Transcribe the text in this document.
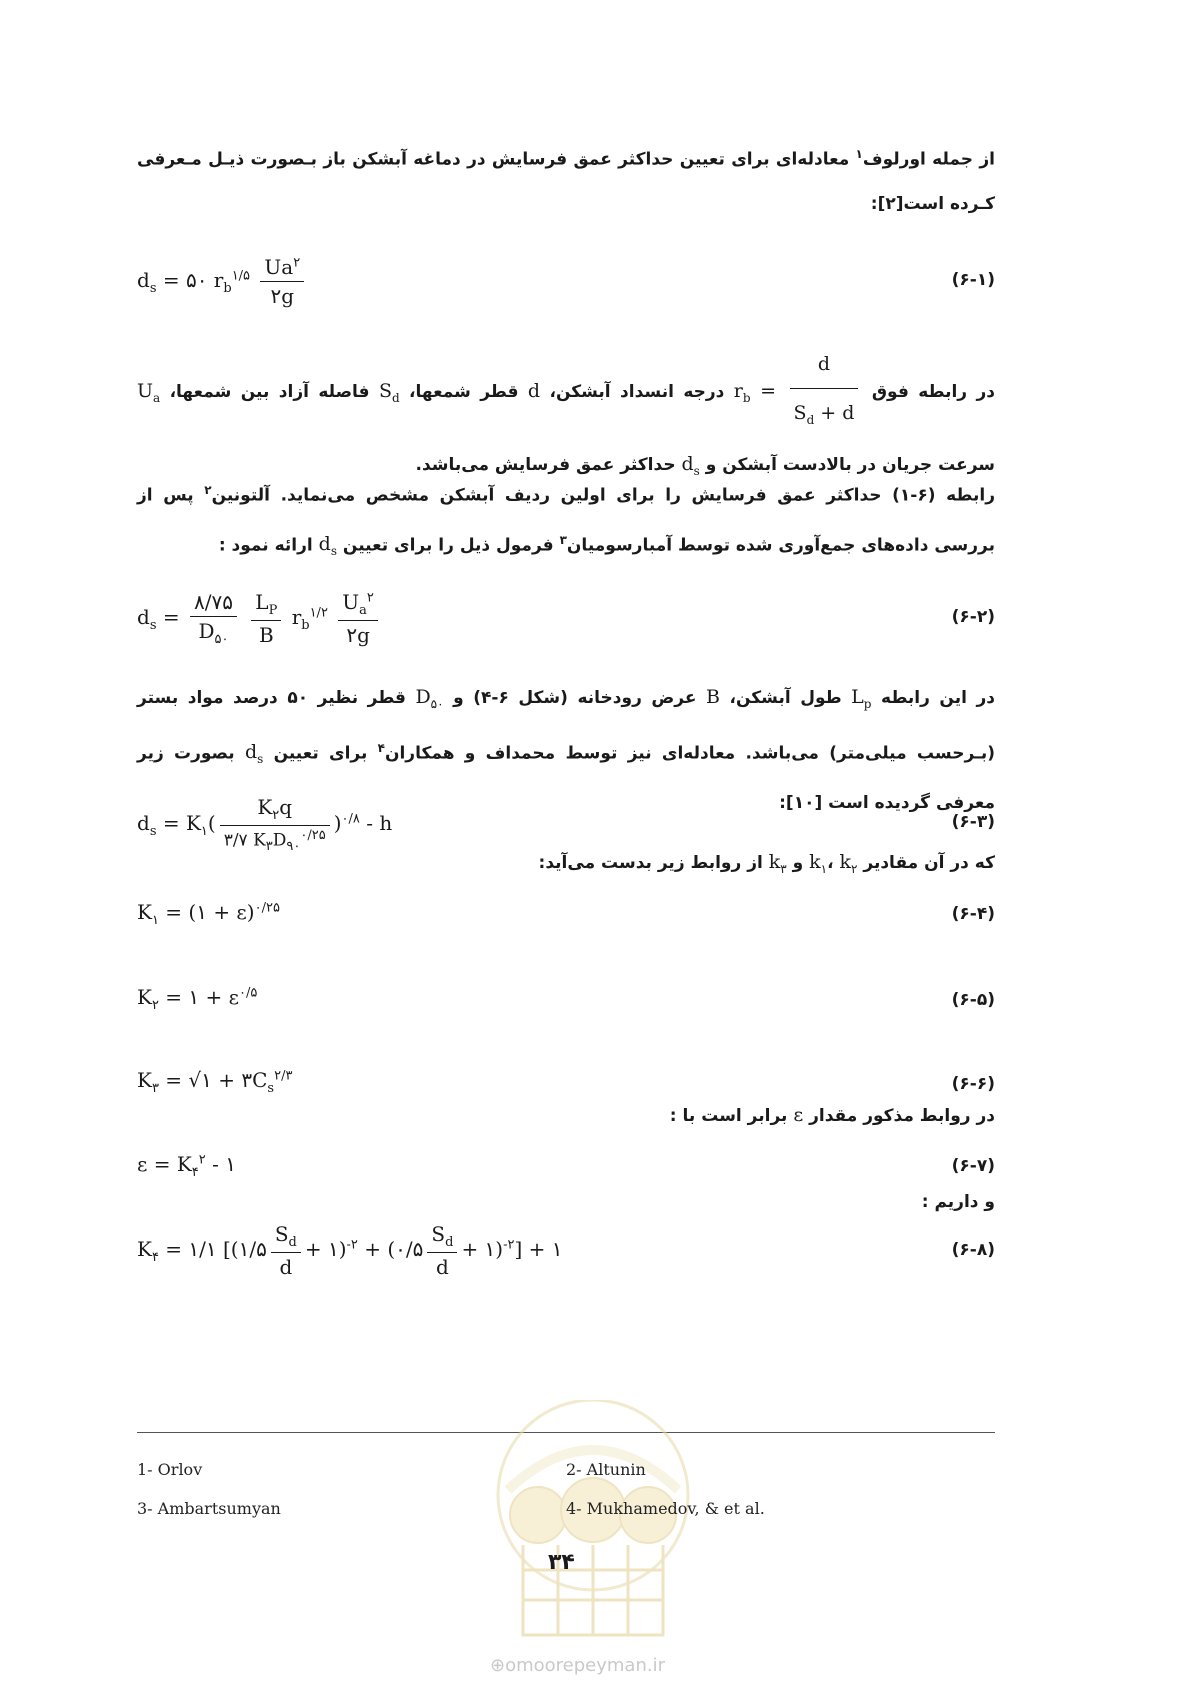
از جمله اورلوف$^۱$ معادله‌ای برای تعیین حداکثر عمق فرسایش در دماغه آبشکن باز بـصورت ذیـل مـعرفی کـرده است[۲]:

$d_s$ = ۵۰ $r_b^{۱/۵} \frac{Ua^۲}{۲g}$	(۶-۱)

در رابطه فوق $r_b = \frac{d}{S_d + d}$
درجه انسداد آبشکن، d قطر شمعها، $S_d$ فاصله آزاد بین شمعها، $U_a$ سرعت جریان در بالادست آبشکن و $d_s$ حداکثر عمق فرسایش می‌باشد.

رابطه (۶-۱) حداکثر عمق فرسایش را برای اولین ردیف آبشکن مشخص می‌نماید. آلتونین$^۲$ پس از بررسی داده‌های جمع‌آوری شده توسط آمبارسومیان$^۳$ فرمول ذیل را برای تعیین $d_s$ ارائه نمود :

$d_s = \frac{۸/۷۵}{D_{۵۰}}$
$\frac{L_P}{B} r_b^{۱/۲} \frac{U_a^۲}{۲g}$	(۶-۲)

در این رابطه $L_p$ طول آبشکن، B عرض رودخانه (شکل ۶-۴) و $D_{۵۰}$ قطر نظیر ۵۰ درصد مواد بستر (بـرحسب میلی‌متر) می‌باشد. معادله‌ای نیز توسط محمداف و همکاران$^۴$ برای تعیین $d_s$ بصورت زیر معرفی گردیده است [۱۰]:

$d_s = K_۱( \frac{K_۲q}{۳/۷ K_۳D_{۹۰}^{۰/۲۵}} )^{۰/۸} - h$	(۶-۳)

که در آن مقادیر $k_۱،$ $k_۲$ و $k_۳$ از روابط زیر بدست می‌آید:

$K_۱$ = (۱ + ε)$^{۰/۲۵}$	(۶-۴)
$K_۲$ = ۱ + $\varepsilon^{۰/۵}$	(۶-۵)
$K_۳$ = √۱ + $۳C_s^{۲/۳}$	(۶-۶)

در روابط مذکور مقدار ε برابر است با :

$\varepsilon = K_۴^۲$ - ۱	(۶-۷)

و داریم :

$K_۴$ = ۱/۱ [(۱/۵ $\frac{S_d}{d}$ + ۱)$^{-۲}$ + (۰/۵ $\frac{S_d}{d}$ + ۱)$^{-۲}$] + ۱	(۶-۸)
1- Orlov	2- Altunin
3- Ambartsumyan	4- Mukhamedov, & et al.
۳۴
⊕omoorepeyman.ir
